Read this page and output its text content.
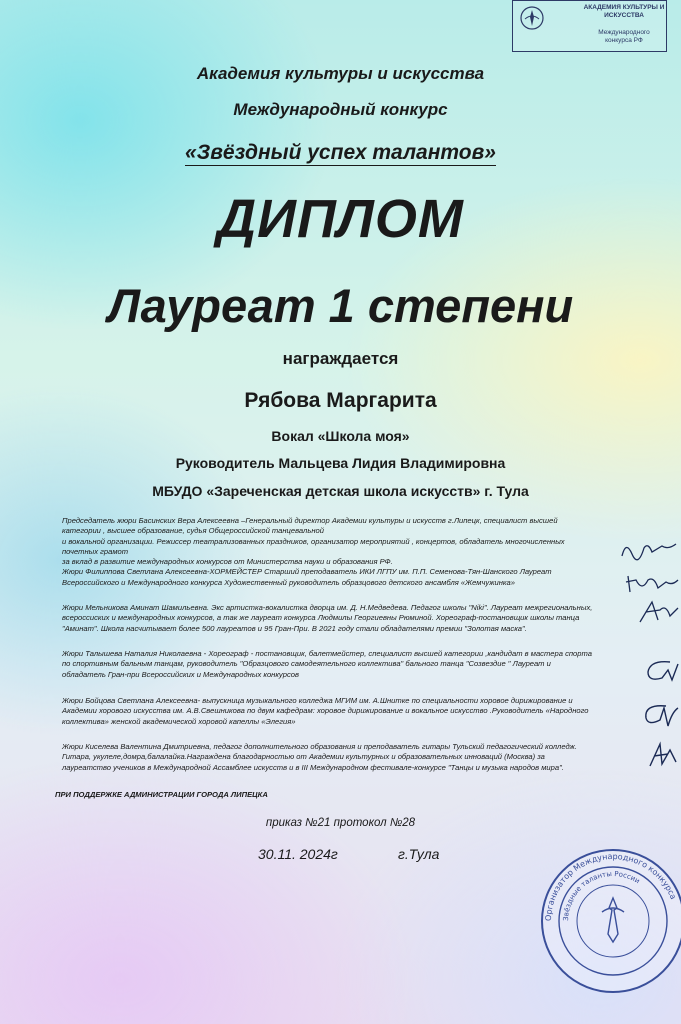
АКАДЕМИЯ КУЛЬТУРЫ И ИСКУССТВА
Международного
конкурса РФ
Академия культуры и искусства
Международный конкурс
«Звёздный успех талантов»
ДИПЛОМ
Лауреат 1 степени
награждается
Рябова Маргарита
Вокал «Школа моя»
Руководитель Мальцева Лидия Владимировна
МБУДО «Зареченская детская школа искусств» г. Тула
Председатель жюри Басинских Вера Алексеевна –Генеральный директор Академии культуры и искусств г.Липецк, специалист высшей
категории , высшее образование, судья Общероссийской танцевальной
и вокальной организации. Режиссер театрализованных праздников, организатор мероприятий , концертов, обладатель многочисленных
почетных грамот
за вклад в развитие международных конкурсов от Министерства науки и образования РФ.
Жюри Филиппова Светлана Алексеевна-ХОРМЕЙСТЕР Старший преподаватель ИКИ ЛГПУ им. П.П. Семенова-Тян-Шанского Лауреат
Всероссийского и Международного конкурса Художественный руководитель образцового детского ансамбля «Жемчужинка»
Жюри Мельникова Аминат Шамильевна. Экс артистка-вокалистка дворца им. Д. Н.Медведева. Педагог школы "Niki". Лауреат межрегиональных,
всероссиских и международных конкурсов, а так же лауреат конкурса Людмилы Георгиевны Рюминой. Хореограф-постановщик школы танца
"Аминат". Школа насчитывает более 500 лауреатов и 95 Гран-При. В 2021 году стали обладателями премии "Золотая маска".
Жюри Талышева Наталия Николаевна - Хореограф - постановщик, балетмейстер, специалист высшей категории ,кандидат в мастера спорта
по спортивным бальным танцам, руководитель "Образцового самодеятельного коллектива" бального танца "Созвездие " Лауреат и
обладатель Гран-при Всероссийских и Международных конкурсов
Жюри Бойцова Светлана Алексеевна- выпускница музыкального колледжа МГИМ им. А.Шнитке по специальности хоровое дирижирование и
Академии хорового искусства им. А.В.Свешникова по двум кафедрам: хоровое дирижирование и вокальное искусство .Руководитель «Народного
коллектива» женской академической хоровой капеллы «Элегия»
Жюри Киселева Валентина Дмитриевна, педагог дополнительного образования и преподаватель гитары Тульский педагогический колледж.
Гитара, укулеле,домра,балалайка.Награждена благодарностью от Академии культурных и образовательных инноваций (Москва) за
лауреатство учеников в Международной Ассамблее искусств и в III Международном фестивале-конкурсе "Танцы и музыка народов мира".
ПРИ ПОДДЕРЖКЕ АДМИНИСТРАЦИИ ГОРОДА ЛИПЕЦКА
приказ №21 протокол №28
30.11. 2024г	г.Тула
Организатор Международного конкурса
Звёздные таланты России
